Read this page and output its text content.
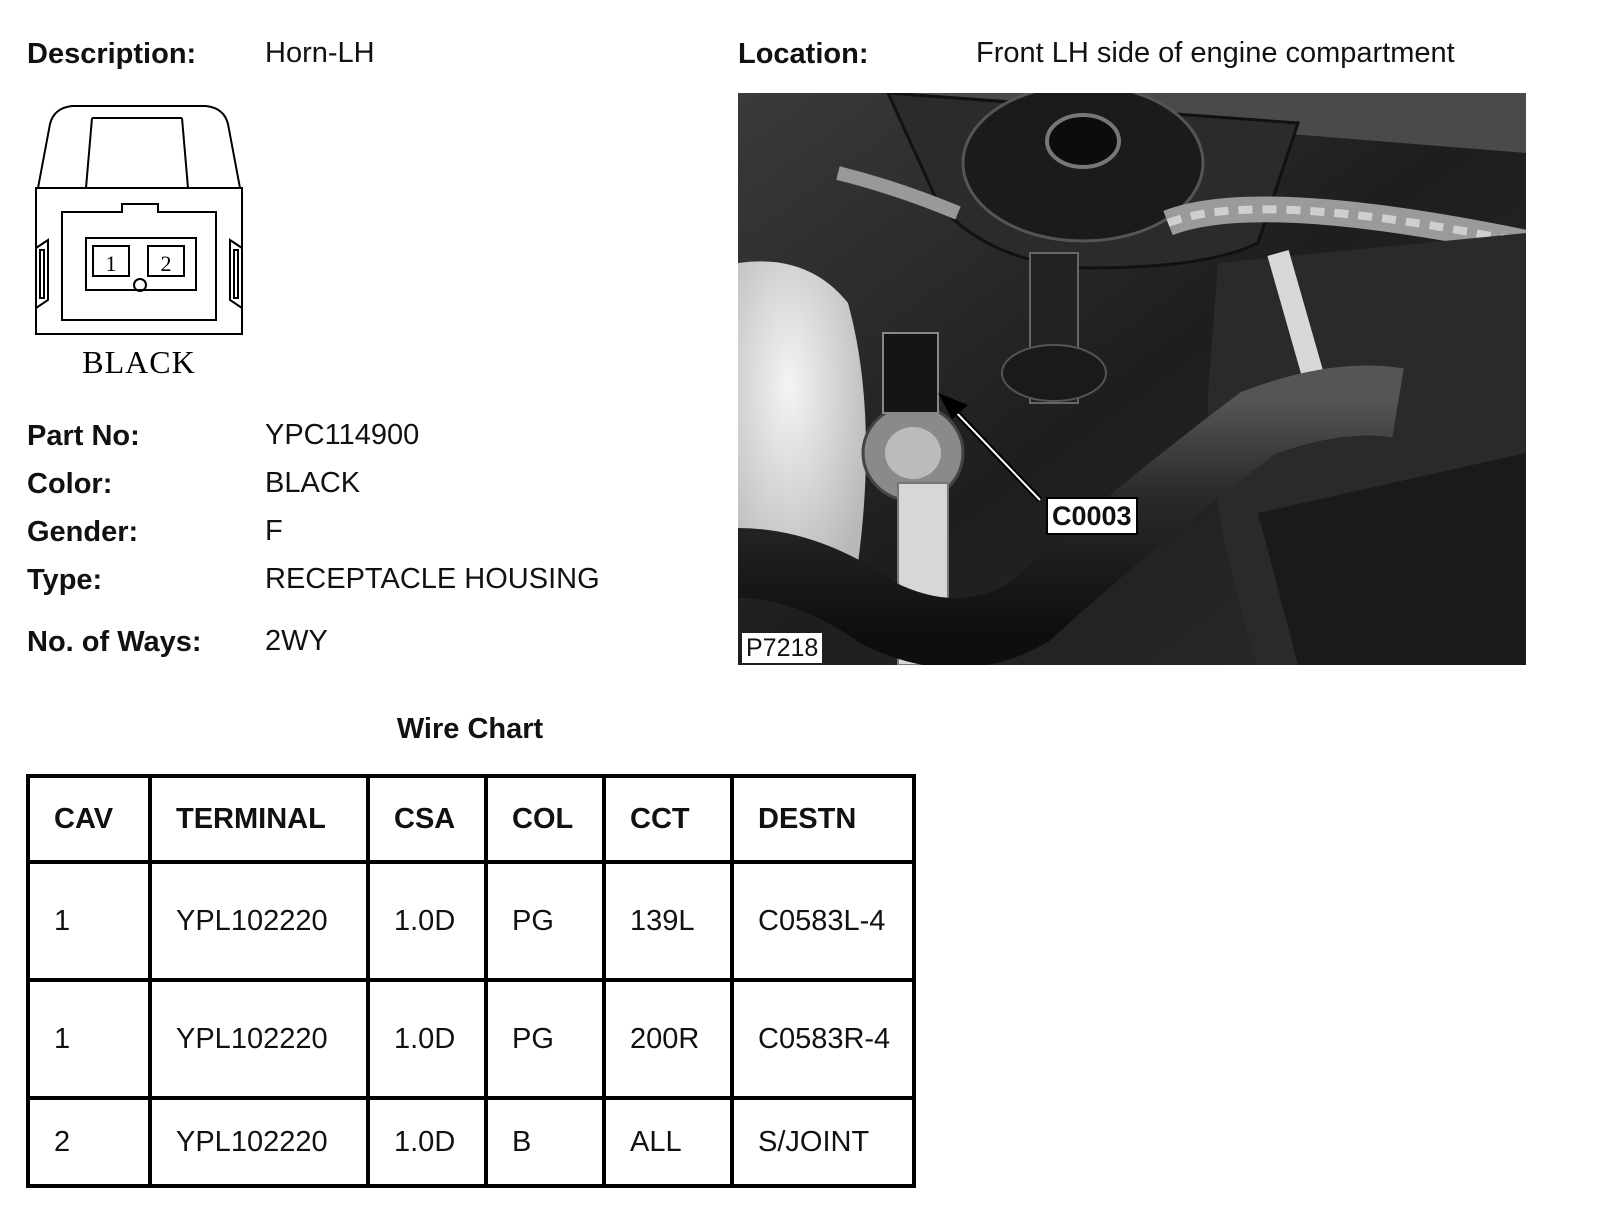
Description: Horn-LH	Location:	Front LH side of engine compartment
1 2
BLACK
Part No:	YPC114900
Color:	BLACK
Gender:	F
Type:	RECEPTACLE HOUSING
No. of Ways: 2WY
C0003
P7218
Wire Chart
CAV	TERMINAL	CSA	COL	CCT	DESTN
1	YPL102220	1.0D	PG	139L	C0583L-4
1	YPL102220	1.0D	PG	200R	C0583R-4
2	YPL102220	1.0D	B	ALL	S/JOINT
